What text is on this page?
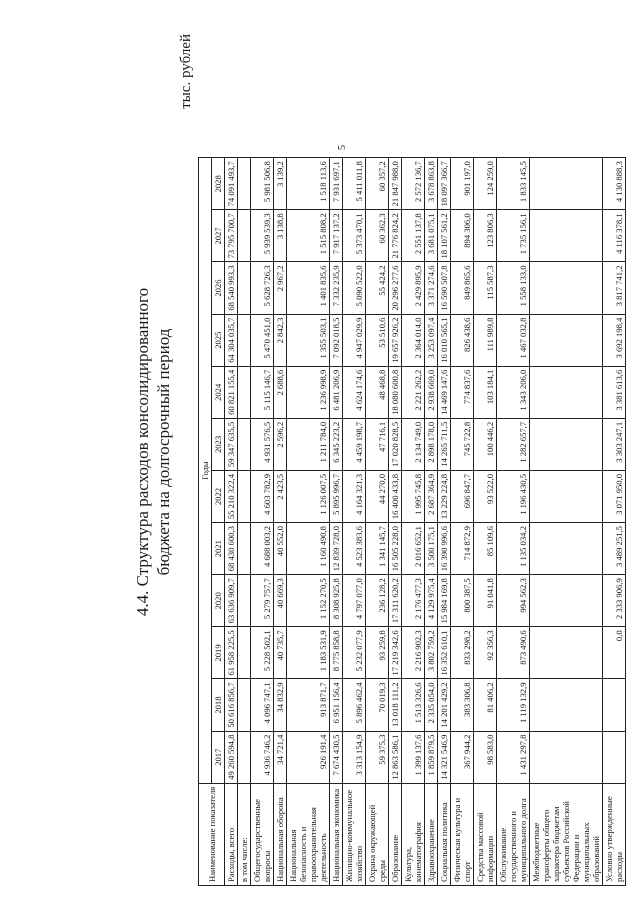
5
4.4. Структура расходов консолидированного бюджета на долгосрочный период
тыс. рублей
Наименование показателя	Годы											
	2017	2018	2019	2020	2021	2022	2023	2024	2025	2026	2027	2028
Расходы, всего	49 260 594,8	50 616 856,7	61 958 225,5	63 636 909,7	68 430 600,3	55 210 322,4	59 347 635,5	60 821 155,4	64 304 035,7	68 540 993,3	73 795 700,7	74 091 493,7
в том числе:												
Общегосударственные вопросы	4 936 746,2	4 096 747,1	5 228 502,1	5 279 757,7	4 688 003,2	4 603 782,9	4 931 576,5	5 115 146,7	5 470 451,0	5 628 726,3	5 939 539,3	5 981 506,8
Национальная оборона	34 721,4	34 832,9	40 735,7	40 669,3	40 552,0	2 423,5	2 596,2	2 688,6	2 842,3	2 967,2	3 138,8	3 139,2
Национальная безопасность и правоохранительная деятельность	926 191,4	913 871,7	1 183 531,9	1 152 270,5	1 160 490,8	1 126 007,5	1 211 784,0	1 236 998,9	1 355 503,1	1 401 835,6	1 515 808,2	1 518 113,6
Национальная экономика	7 674 430,5	6 951 156,4	8 775 858,8	8 308 925,8	12 839 728,0	5 895 996,7	6 345 223,2	6 481 206,9	7 092 018,5	7 332 235,9	7 917 137,2	7 931 697,1
Жилищно-коммунальное хозяйство	3 313 154,9	5 896 462,4	5 232 077,9	4 797 077,0	4 523 383,6	4 164 321,3	4 459 198,7	4 624 174,6	4 947 029,9	5 090 522,0	5 373 470,1	5 411 011,8
Охрана окружающей среды	59 375,3	70 019,3	93 259,8	236 128,2	1 341 145,7	44 270,0	47 716,1	48 468,8	53 510,6	55 424,2	60 362,3	60 357,2
Образование	12 863 586,1	13 018 111,2	17 219 342,6	17 311 620,2	16 505 228,0	16 400 433,8	17 020 828,5	18 080 600,8	19 657 926,2	20 296 277,6	21 776 824,2	21 847 988,0
Культура, кинематография	1 399 137,6	1 513 326,6	2 216 902,3	2 176 477,3	2 016 652,1	1 995 745,8	2 134 749,0	2 221 262,2	2 364 014,0	2 429 895,9	2 551 137,8	2 572 136,7
Здравоохранение	1 859 879,5	2 335 054,0	3 802 759,2	4 129 975,4	3 500 175,1	2 687 364,9	2 898 178,0	2 938 669,0	3 253 097,4	3 371 274,6	3 681 075,1	3 678 863,8
Социальная политика	14 321 546,9	14 201 429,2	16 352 610,1	15 984 169,8	16 390 996,6	13 229 224,8	14 265 711,5	14 469 147,6	16 010 565,1	16 590 507,8	18 107 561,2	18 097 366,7
Физическая культура и спорт	367 944,2	383 306,8	833 298,2	800 387,5	714 872,9	696 847,7	745 722,8	774 837,6	826 438,6	849 865,6	894 306,0	901 197,0
Средства массовой информации	98 583,0	81 406,2	92 356,3	91 041,8	85 109,6	93 522,0	100 446,2	103 184,1	111 989,8	115 587,3	123 806,3	124 259,0
Обслуживание государственного и муниципального долга	1 431 297,8	1 119 132,9	873 490,6	994 562,3	1 135 034,2	1 196 430,5	1 282 657,7	1 343 206,0	1 467 032,8	1 558 133,0	1 735 156,1	1 833 145,5
Межбюджетные трансферты общего характера бюджетам субъектов Российской Федерации и муниципальных образований												
Условно утвержденные расходы			0,0	2 333 906,9	3 489 251,5	3 071 950,0	3 303 247,1	3 381 613,6	3 692 198,4	3 817 741,2	4 116 378,1	4 130 888,3
